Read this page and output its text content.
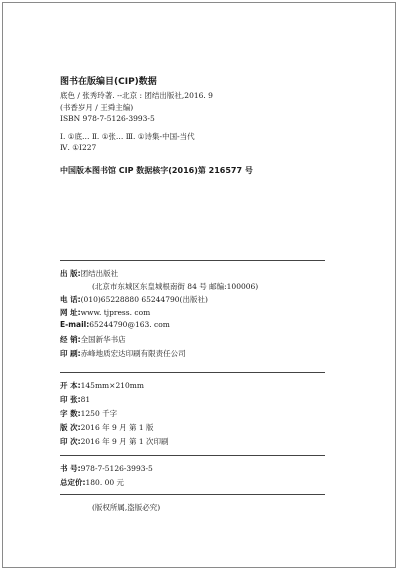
图书在版编目(CIP)数据
底色 / 张秀玲著. --北京 : 团结出版社,2016. 9
(书香岁月 / 王舜主编)
ISBN 978-7-5126-3993-5
Ⅰ. ①底… Ⅱ. ①张… Ⅲ. ①诗集-中国-当代
Ⅳ. ①I227
中国版本图书馆 CIP 数据核字(2016)第 216577 号
出 版:团结出版社
(北京市东城区东皇城根南街 84 号 邮编:100006)
电 话:(010)65228880 65244790(出版社)
网 址:www. tjpress. com
E-mail:65244790@163. com
经 销:全国新华书店
印 刷:赤峰地质宏达印刷有限责任公司
开 本:145mm×210mm
印 张:81
字 数:1250 千字
版 次:2016 年 9 月 第 1 版
印 次:2016 年 9 月 第 1 次印刷
书 号:978-7-5126-3993-5
总定价:180. 00 元
(版权所属,盗版必究)
